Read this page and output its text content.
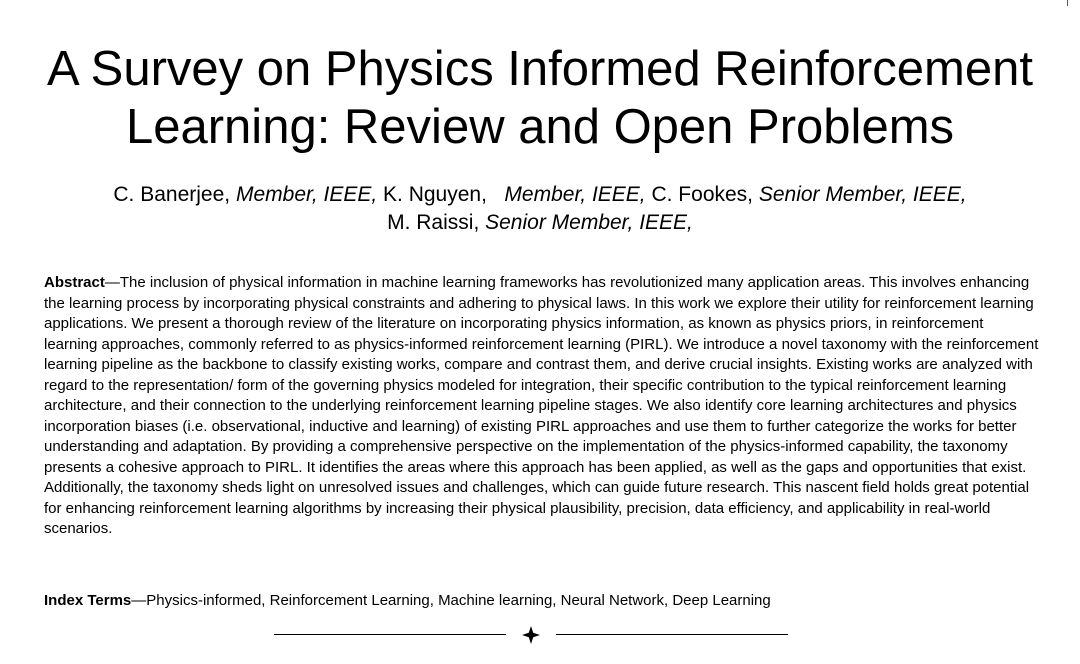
A Survey on Physics Informed Reinforcement
Learning: Review and Open Problems
C. Banerjee, Member, IEEE, K. Nguyen,   Member, IEEE, C. Fookes, Senior Member, IEEE,
M. Raissi, Senior Member, IEEE,

Abstract—The inclusion of physical information in machine learning frameworks has revolutionized many application areas. This involves enhancing the learning process by incorporating physical constraints and adhering to physical laws. In this work we explore their utility for reinforcement learning applications. We present a thorough review of the literature on incorporating physics information, as known as physics priors, in reinforcement learning approaches, commonly referred to as physics-informed reinforcement learning (PIRL). We introduce a novel taxonomy with the reinforcement learning pipeline as the backbone to classify existing works, compare and contrast them, and derive crucial insights. Existing works are analyzed with regard to the representation/ form of the governing physics modeled for integration, their specific contribution to the typical reinforcement learning architecture, and their connection to the underlying reinforcement learning pipeline stages. We also identify core learning architectures and physics incorporation biases (i.e. observational, inductive and learning) of existing PIRL approaches and use them to further categorize the works for better understanding and adaptation. By providing a comprehensive perspective on the implementation of the physics-informed capability, the taxonomy presents a cohesive approach to PIRL. It identifies the areas where this approach has been applied, as well as the gaps and opportunities that exist. Additionally, the taxonomy sheds light on unresolved issues and challenges, which can guide future research. This nascent field holds great potential for enhancing reinforcement learning algorithms by increasing their physical plausibility, precision, data efficiency, and applicability in real-world scenarios.

Index Terms—Physics-informed, Reinforcement Learning, Machine learning, Neural Network, Deep Learning
